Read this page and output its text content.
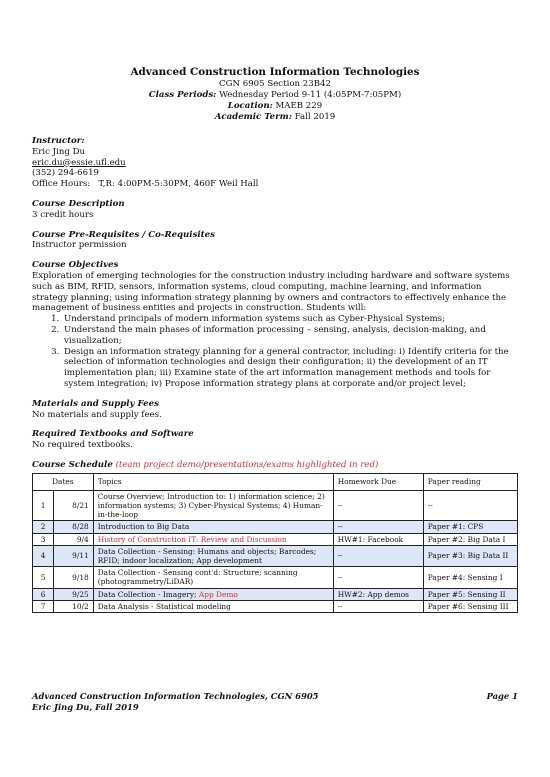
Advanced Construction Information Technologies
CGN 6905 Section 23B42
Class Periods: Wednesday Period 9-11 (4:05PM-7:05PM)
Location: MAEB 229
Academic Term: Fall 2019
Instructor:
Eric Jing Du
eric.du@essie.ufl.edu
(352) 294-6619
Office Hours:   T,R: 4:00PM-5:30PM, 460F Weil Hall
Course Description
3 credit hours
Course Pre-Requisites / Co-Requisites
Instructor permission
Course Objectives
Exploration of emerging technologies for the construction industry including hardware and software systems such as BIM, RFID, sensors, information systems, cloud computing, machine learning, and information strategy planning; using information strategy planning by owners and contractors to effectively enhance the management of business entities and projects in construction. Students will:
1. Understand principals of modern information systems such as Cyber-Physical Systems;
2. Understand the main phases of information processing – sensing, analysis, decision-making, and visualization;
3. Design an information strategy planning for a general contractor, including: i) Identify criteria for the selection of information technologies and design their configuration; ii) the development of an IT implementation plan; iii) Examine state of the art information management methods and tools for system integration; iv) Propose information strategy plans at corporate and/or project level;
Materials and Supply Fees
No materials and supply fees.
Required Textbooks and Software
No required textbooks.
Course Schedule (team project demo/presentations/exams highlighted in red)
Dates		Topics	Homework Due	Paper reading
1	8/21	Course Overview; Introduction to: 1) information science; 2) information systems; 3) Cyber-Physical Systems; 4) Human-in-the-loop	--	--
2	8/28	Introduction to Big Data	--	Paper #1: CPS
3	9/4	History of Construction IT: Review and Discussion	HW#1: Facebook	Paper #2: Big Data I
4	9/11	Data Collection - Sensing: Humans and objects; Barcodes; RFID; indoor localization; App development	--	Paper #3: Big Data II
5	9/18	Data Collection - Sensing cont'd: Structure; scanning (photogrammetry/LiDAR)	--	Paper #4: Sensing I
6	9/25	Data Collection - Imagery; App Demo	HW#2: App demos	Paper #5: Sensing II
7	10/2	Data Analysis - Statistical modeling	--	Paper #6: Sensing III
Advanced Construction Information Technologies, CGN 6905
Eric Jing Du, Fall 2019
Page 1
